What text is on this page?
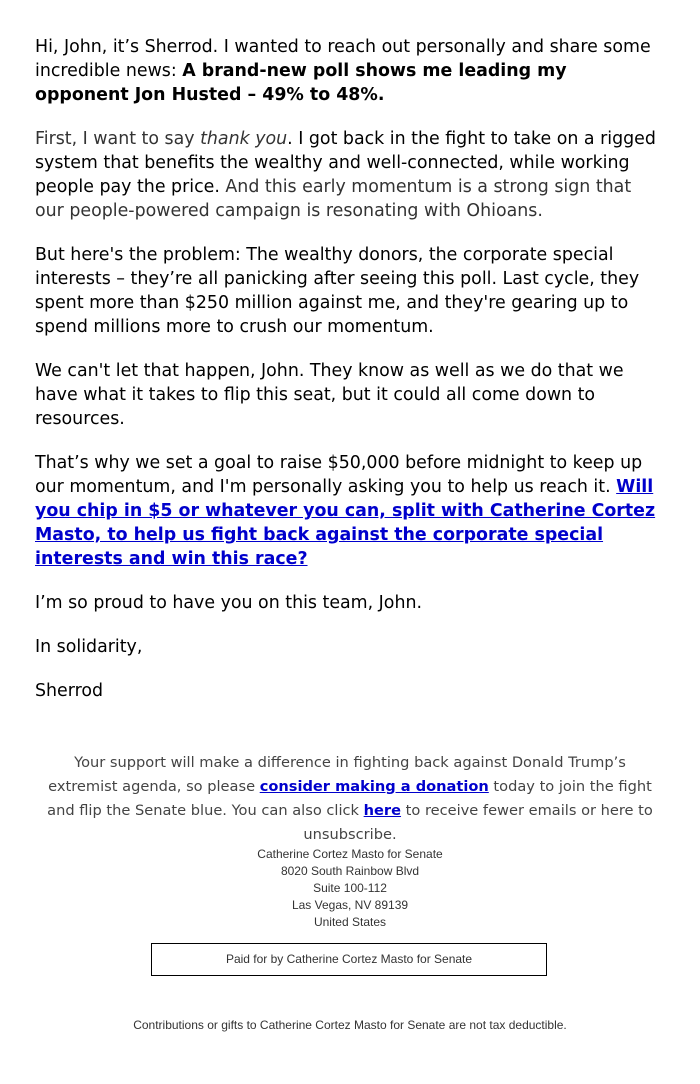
Hi, John, it’s Sherrod. I wanted to reach out personally and share some incredible news: A brand-new poll shows me leading my opponent Jon Husted – 49% to 48%.

First, I want to say thank you. I got back in the fight to take on a rigged system that benefits the wealthy and well-connected, while working people pay the price. And this early momentum is a strong sign that our people-powered campaign is resonating with Ohioans.

But here's the problem: The wealthy donors, the corporate special interests – they’re all panicking after seeing this poll. Last cycle, they spent more than $250 million against me, and they're gearing up to spend millions more to crush our momentum.

We can't let that happen, John. They know as well as we do that we have what it takes to flip this seat, but it could all come down to resources.

That’s why we set a goal to raise $50,000 before midnight to keep up our momentum, and I'm personally asking you to help us reach it. Will you chip in $5 or whatever you can, split with Catherine Cortez Masto, to help us fight back against the corporate special interests and win this race?

I’m so proud to have you on this team, John.

In solidarity,

Sherrod

Your support will make a difference in fighting back against Donald Trump’s extremist agenda, so please consider making a donation today to join the fight and flip the Senate blue. You can also click here to receive fewer emails or here to unsubscribe.
Catherine Cortez Masto for Senate
8020 South Rainbow Blvd
Suite 100-112
Las Vegas, NV 89139
United States
Paid for by Catherine Cortez Masto for Senate
Contributions or gifts to Catherine Cortez Masto for Senate are not tax deductible.
